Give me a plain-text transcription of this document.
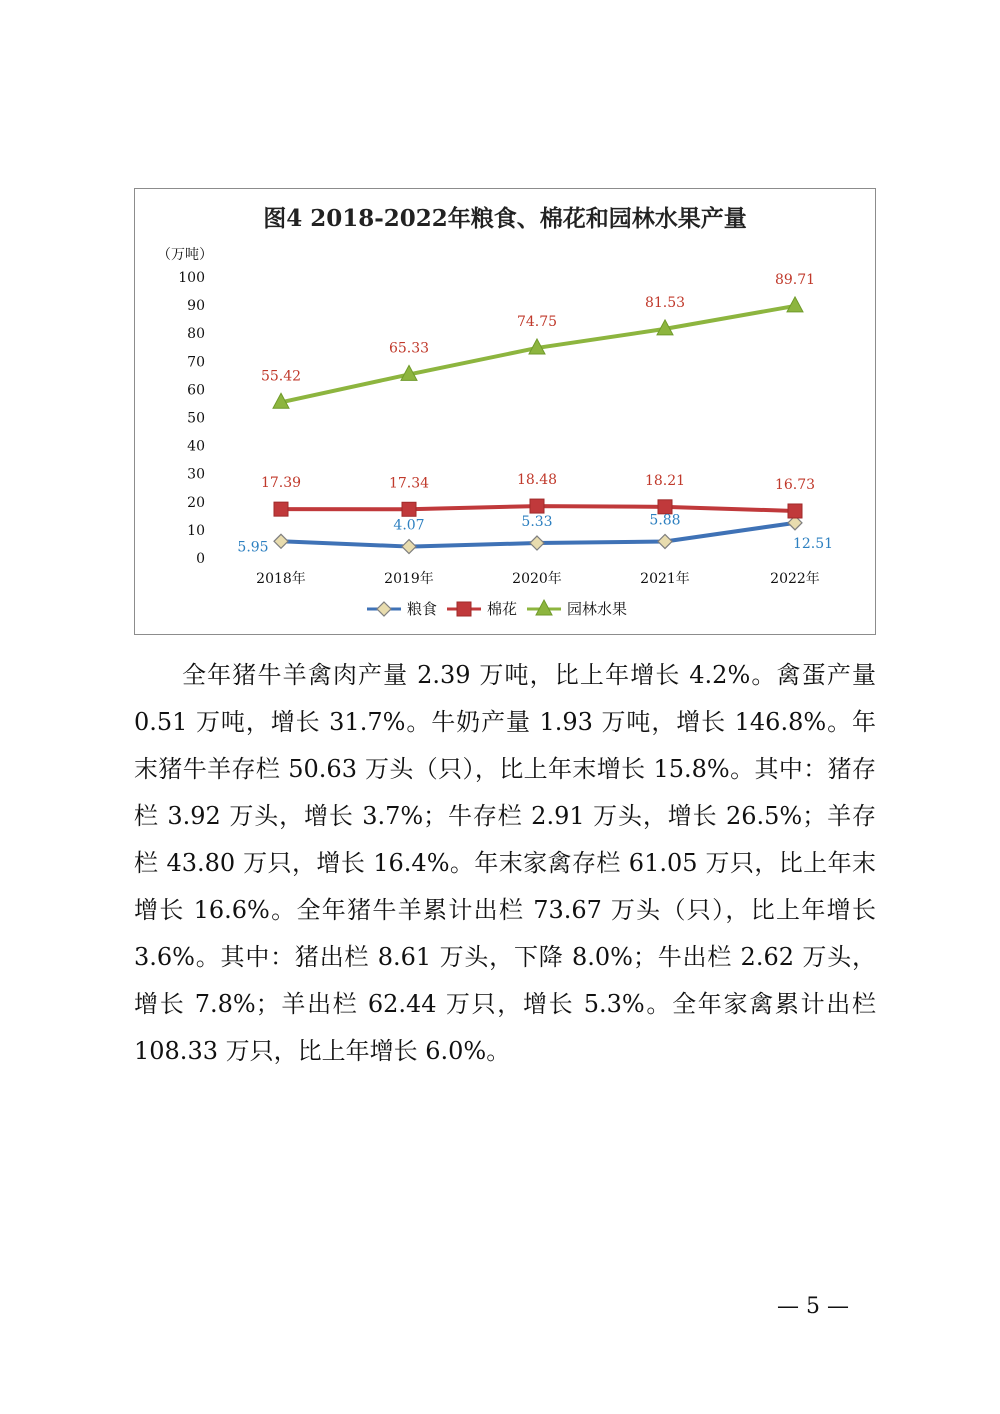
图4 2018-2022年粮食、棉花和园林水果产量
（万吨）
0
10
20
30
40
50
60
70
80
90
100
2018年	2019年	2020年	2021年	2022年
5.95
4.07	5.33	5.88
12.51
17.39	17.34	18.48	18.21	16.73
55.42
65.33
74.75
81.53
89.71
粮食	棉花	园林水果

全年猪牛羊禽肉产量 2.39 万吨，比上年增长 4.2%。禽蛋产量 0.51 万吨，增长 31.7%。牛奶产量 1.93 万吨，增长 146.8%。年末猪牛羊存栏 50.63 万头（只），比上年末增长 15.8%。其中：猪存栏 3.92 万头，增长 3.7%；牛存栏 2.91 万头，增长 26.5%；羊存栏 43.80 万只，增长 16.4%。年末家禽存栏 61.05 万只，比上年末增长 16.6%。全年猪牛羊累计出栏 73.67 万头（只），比上年增长 3.6%。其中：猪出栏 8.61 万头，下降 8.0%；牛出栏 2.62 万头，增长 7.8%；羊出栏 62.44 万只，增长 5.3%。全年家禽累计出栏 108.33 万只，比上年增长 6.0%。

— 5 —
